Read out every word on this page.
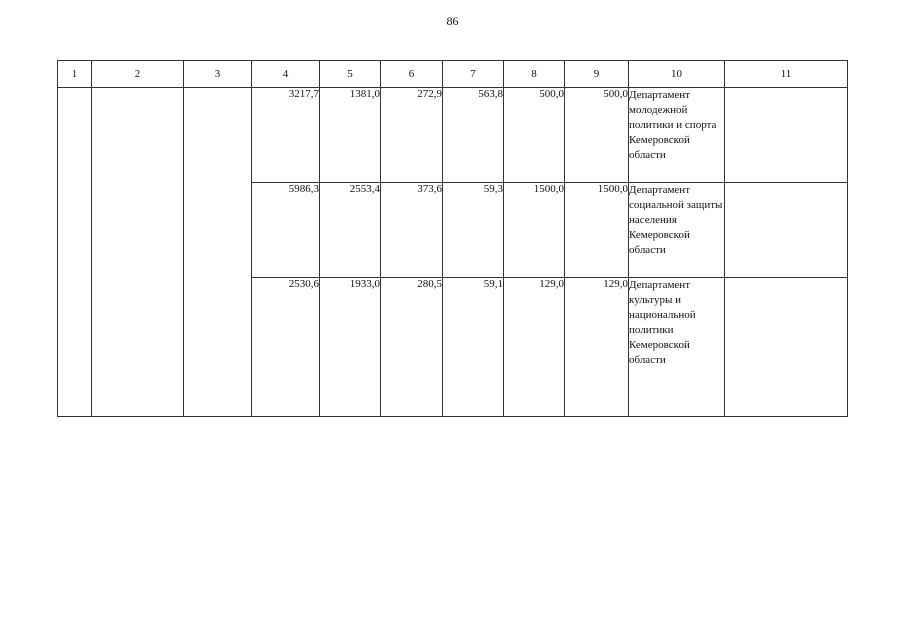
86
1	2	3	4	5	6	7	8	9	10	11
			3217,7	1381,0	272,9	563,8	500,0	500,0	Департамент молодежной политики и спорта Кемеровской области	
			5986,3	2553,4	373,6	59,3	1500,0	1500,0	Департамент социальной защиты населения Кемеровской области	
			2530,6	1933,0	280,5	59,1	129,0	129,0	Департамент культуры и национальной политики Кемеровской области	
